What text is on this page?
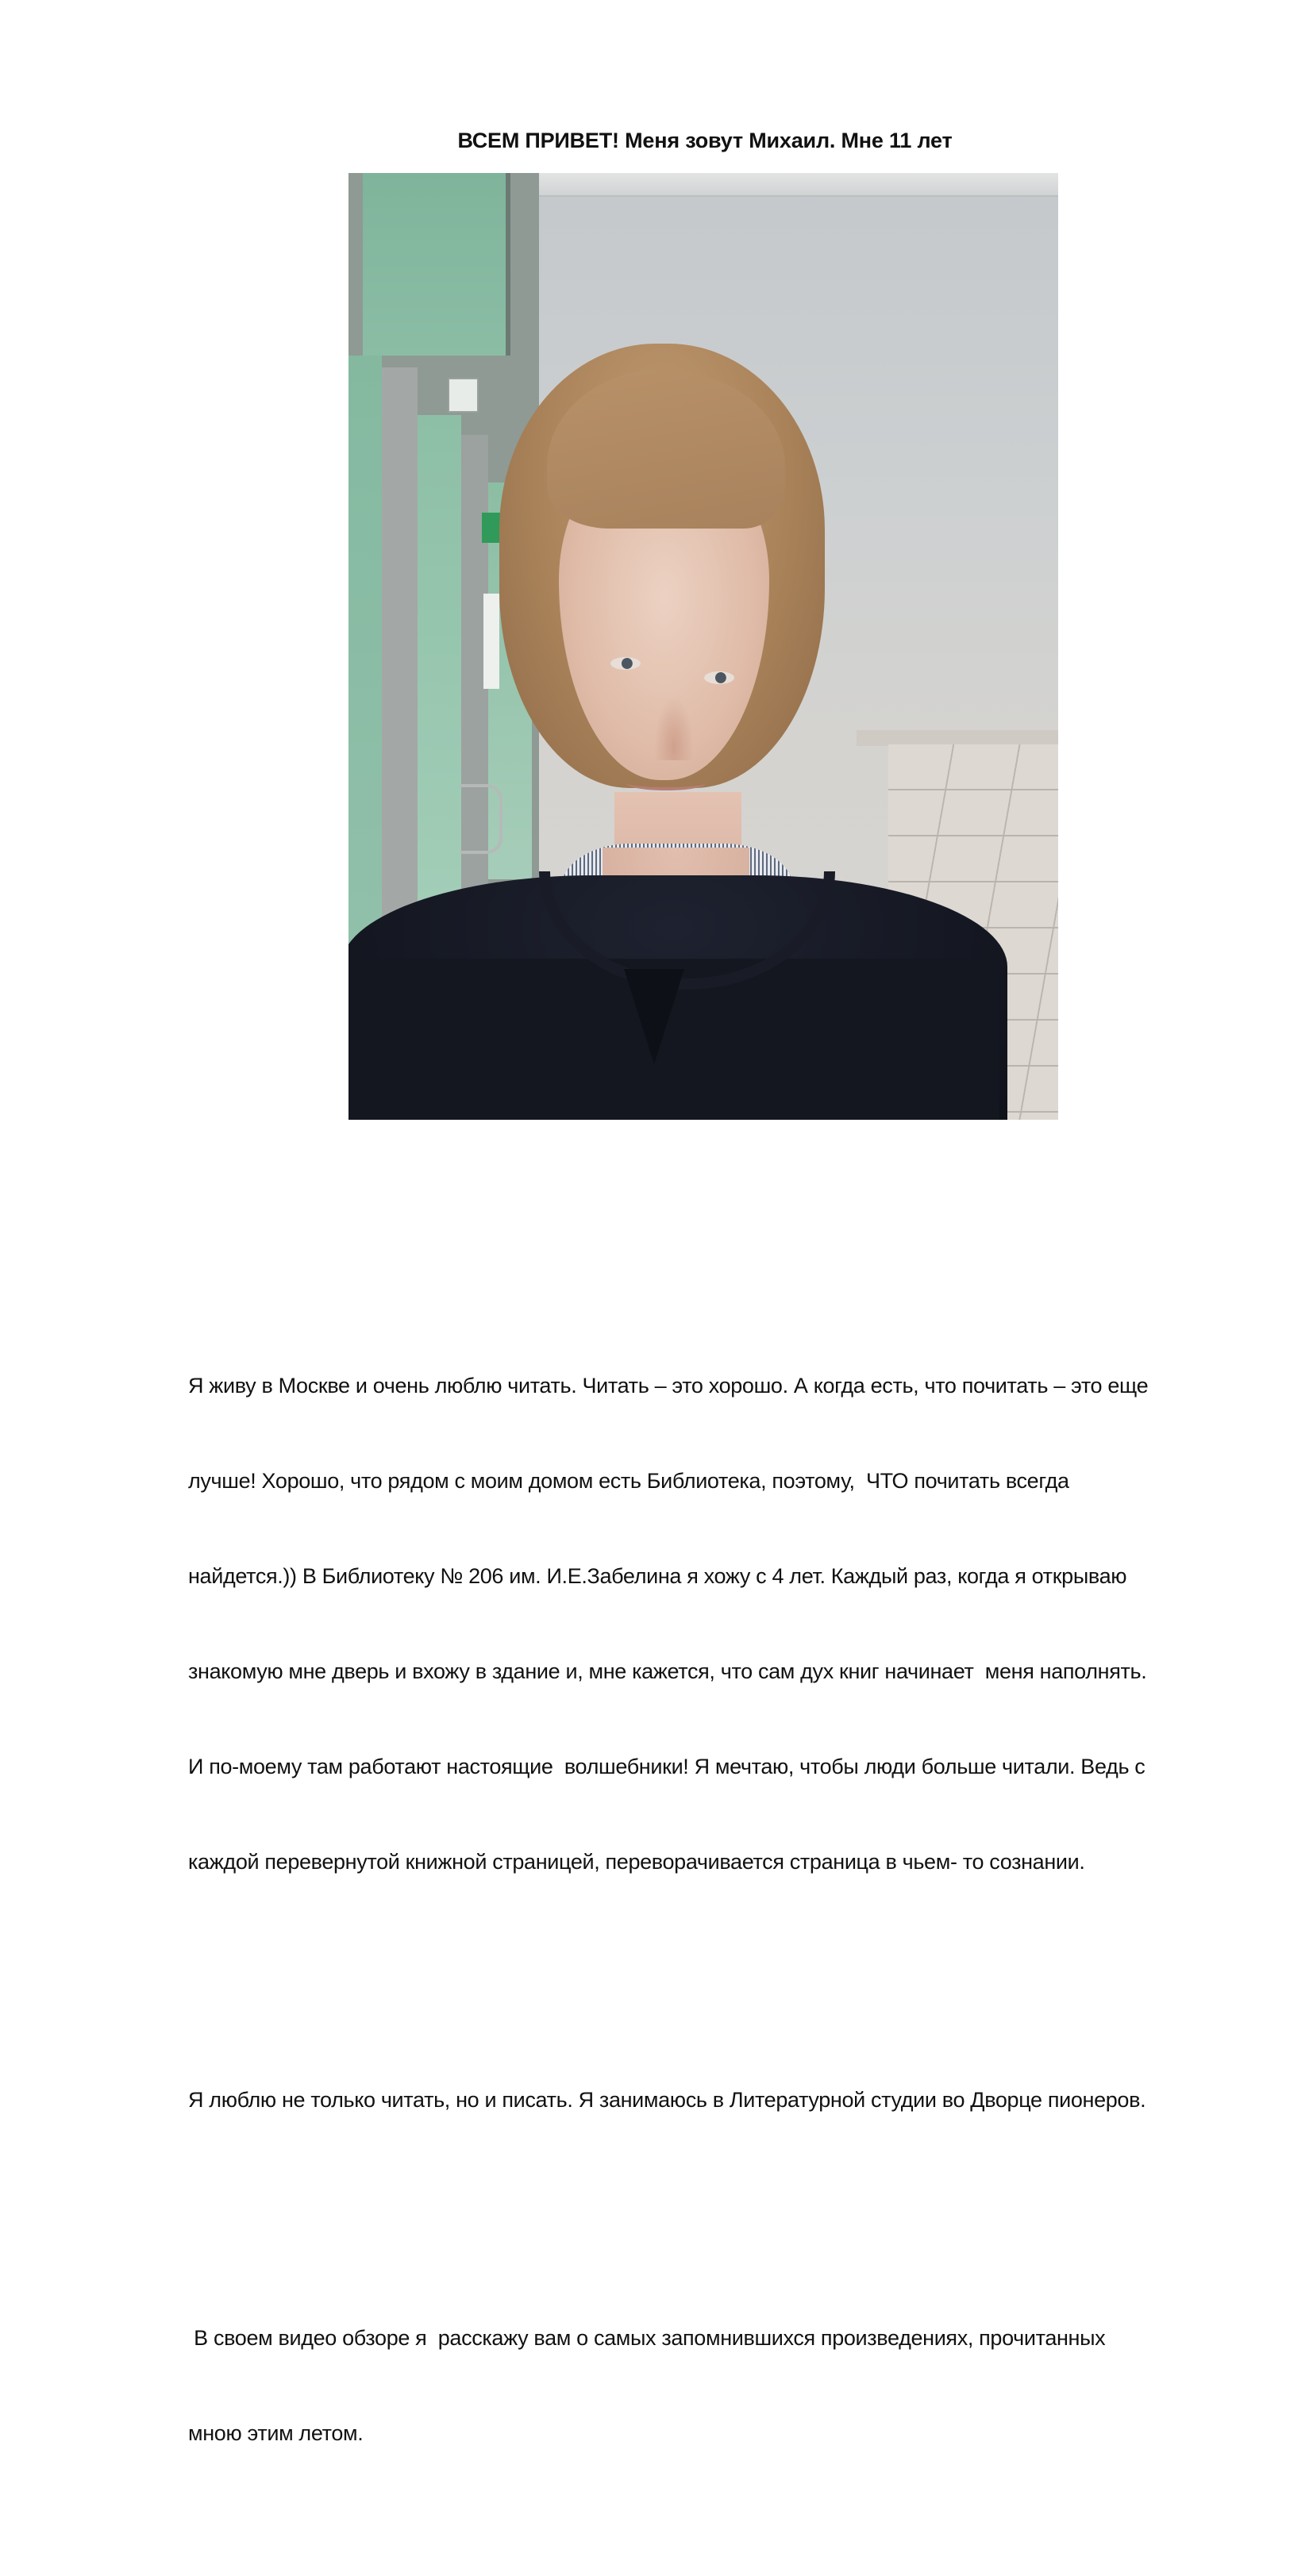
ВСЕМ ПРИВЕТ! Меня зовут Михаил. Мне 11 лет

Я живу в Москве и очень люблю читать. Читать – это хорошо. А когда есть, что почитать – это еще

лучше! Хорошо, что рядом с моим домом есть Библиотека, поэтому,  ЧТО почитать всегда

найдется.)) В Библиотеку № 206 им. И.Е.Забелина я хожу с 4 лет. Каждый раз, когда я открываю

знакомую мне дверь и вхожу в здание и, мне кажется, что сам дух книг начинает  меня наполнять.

И по-моему там работают настоящие  волшебники! Я мечтаю, чтобы люди больше читали. Ведь с

каждой перевернутой книжной страницей, переворачивается страница в чьем- то сознании.

Я люблю не только читать, но и писать. Я занимаюсь в Литературной студии во Дворце пионеров.

В своем видео обзоре я  расскажу вам о самых запомнившихся произведениях, прочитанных

мною этим летом.
